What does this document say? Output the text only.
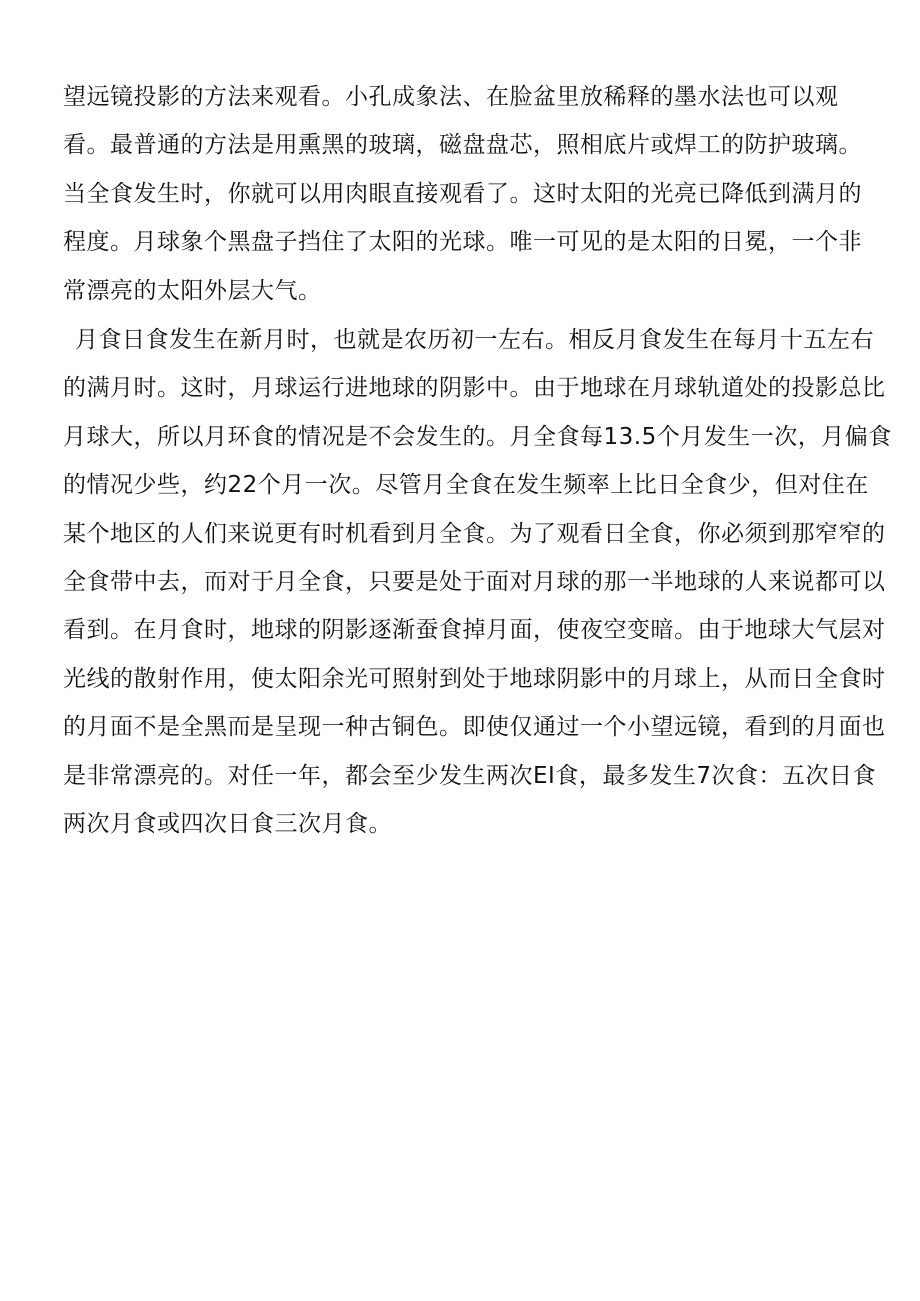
望远镜投影的方法来观看。小孔成象法、在脸盆里放稀释的墨水法也可以观
看。最普通的方法是用熏黑的玻璃，磁盘盘芯，照相底片或焊工的防护玻璃。
当全食发生时，你就可以用肉眼直接观看了。这时太阳的光亮已降低到满月的
程度。月球象个黑盘子挡住了太阳的光球。唯一可见的是太阳的日冕，一个非
常漂亮的太阳外层大气。
月食日食发生在新月时，也就是农历初一左右。相反月食发生在每月十五左右
的满月时。这时，月球运行进地球的阴影中。由于地球在月球轨道处的投影总比
月球大，所以月环食的情况是不会发生的。月全食每13.5个月发生一次，月偏食
的情况少些，约22个月一次。尽管月全食在发生频率上比日全食少，但对住在
某个地区的人们来说更有时机看到月全食。为了观看日全食，你必须到那窄窄的
全食带中去，而对于月全食，只要是处于面对月球的那一半地球的人来说都可以
看到。在月食时，地球的阴影逐渐蚕食掉月面，使夜空变暗。由于地球大气层对
光线的散射作用，使太阳余光可照射到处于地球阴影中的月球上，从而日全食时
的月面不是全黑而是呈现一种古铜色。即使仅通过一个小望远镜，看到的月面也
是非常漂亮的。对任一年，都会至少发生两次EI食，最多发生7次食：五次日食
两次月食或四次日食三次月食。
